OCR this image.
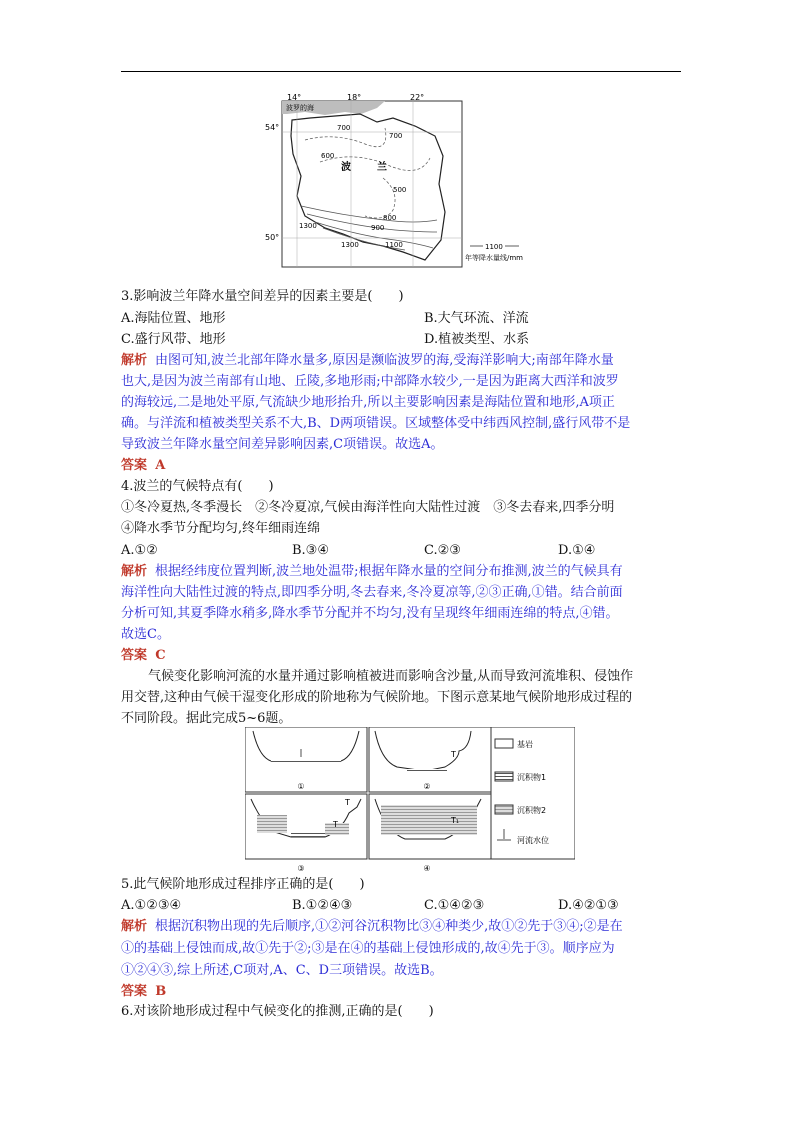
14°	18°	22°
54°
50°
波罗的海
波	兰
700
700
500
600
800
900
1300
1300	1100	1100
年等降水量线/mm
3.影响波兰年降水量空间差异的因素主要是(　　)
A.海陆位置、地形	B.大气环流、洋流
C.盛行风带、地形	D.植被类型、水系
解析 由图可知,波兰北部年降水量多,原因是濒临波罗的海,受海洋影响大;南部年降水量
也大,是因为波兰南部有山地、丘陵,多地形雨;中部降水较少,一是因为距离大西洋和波罗
的海较远,二是地处平原,气流缺少地形抬升,所以主要影响因素是海陆位置和地形,A项正
确。与洋流和植被类型关系不大,B、D两项错误。区域整体受中纬西风控制,盛行风带不是
导致波兰年降水量空间差异影响因素,C项错误。故选A。
答案 A
4.波兰的气候特点有(　　)
①冬冷夏热,冬季漫长　②冬冷夏凉,气候由海洋性向大陆性过渡　③冬去春来,四季分明
④降水季节分配均匀,终年细雨连绵
A.①②	B.③④	C.②③	D.①④
解析 根据经纬度位置判断,波兰地处温带;根据年降水量的空间分布推测,波兰的气候具有
海洋性向大陆性过渡的特点,即四季分明,冬去春来,冬冷夏凉等,②③正确,①错。结合前面
分析可知,其夏季降水稍多,降水季节分配并不均匀,没有呈现终年细雨连绵的特点,④错。
故选C。
答案 C
气候变化影响河流的水量并通过影响植被进而影响含沙量,从而导致河流堆积、侵蚀作
用交替,这种由气候干湿变化形成的阶地称为气候阶地。下图示意某地气候阶地形成过程的
不同阶段。据此完成5~6题。
①
T
②
T
T
③
T₁
④
基岩
沉积物1
沉积物2
河流水位
5.此气候阶地形成过程排序正确的是(　　)
A.①②③④	B.①②④③	C.①④②③	D.④②①③
解析 根据沉积物出现的先后顺序,①②河谷沉积物比③④种类少,故①②先于③④;②是在
①的基础上侵蚀而成,故①先于②;③是在④的基础上侵蚀形成的,故④先于③。顺序应为
①②④③,综上所述,C项对,A、C、D三项错误。故选B。
答案 B
6.对该阶地形成过程中气候变化的推测,正确的是(　　)
